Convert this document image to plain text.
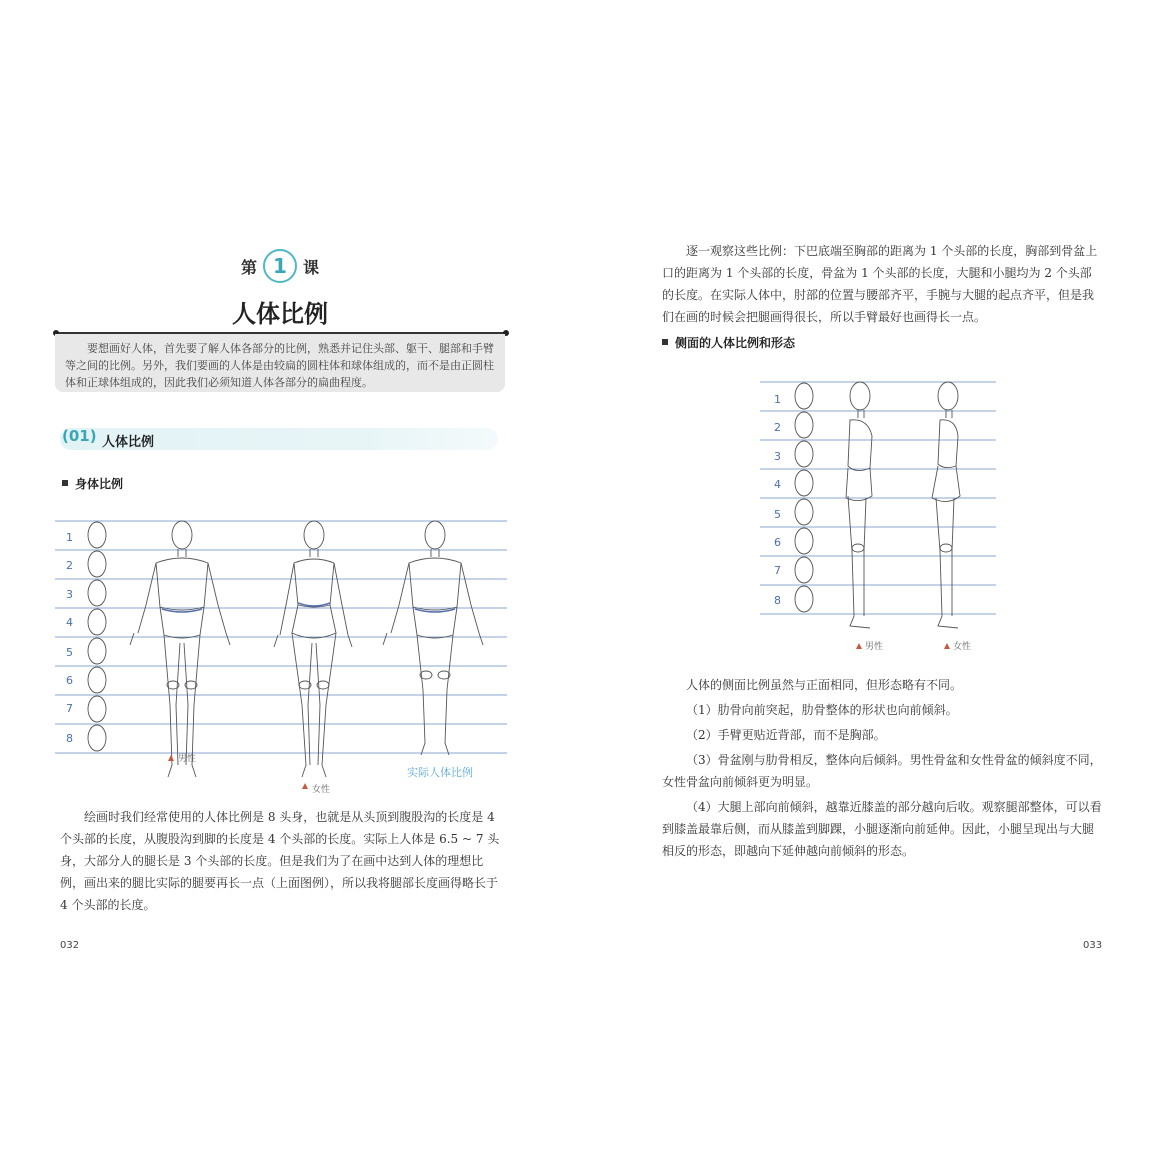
第 1 课
人体比例
要想画好人体，首先要了解人体各部分的比例，熟悉并记住头部、躯干、腿部和手臂等之间的比例。另外，我们要画的人体是由较扁的圆柱体和球体组成的，而不是由正圆柱体和正球体组成的，因此我们必须知道人体各部分的扁曲程度。
(01) 人体比例
身体比例
1
2
3
4
5
6
7
8
男性
女性
实际人体比例
绘画时我们经常使用的人体比例是 8 头身，也就是从头顶到腹股沟的长度是 4 个头部的长度，从腹股沟到脚的长度是 4 个头部的长度。实际上人体是 6.5 ~ 7 头身，大部分人的腿长是 3 个头部的长度。但是我们为了在画中达到人体的理想比例，画出来的腿比实际的腿要再长一点（上面图例），所以我将腿部长度画得略长于 4 个头部的长度。
032
逐一观察这些比例：下巴底端至胸部的距离为 1 个头部的长度，胸部到骨盆上口的距离为 1 个头部的长度，骨盆为 1 个头部的长度，大腿和小腿均为 2 个头部的长度。在实际人体中，肘部的位置与腰部齐平，手腕与大腿的起点齐平，但是我们在画的时候会把腿画得很长，所以手臂最好也画得长一点。
侧面的人体比例和形态
1
2
3
4
5
6
7
8
男性	女性
人体的侧面比例虽然与正面相同，但形态略有不同。
（1）肋骨向前突起，肋骨整体的形状也向前倾斜。
（2）手臂更贴近背部，而不是胸部。
（3）骨盆刚与肋骨相反，整体向后倾斜。男性骨盆和女性骨盆的倾斜度不同，女性骨盆向前倾斜更为明显。
（4）大腿上部向前倾斜，越靠近膝盖的部分越向后收。观察腿部整体，可以看到膝盖最靠后侧，而从膝盖到脚踝，小腿逐渐向前延伸。因此，小腿呈现出与大腿相反的形态，即越向下延伸越向前倾斜的形态。
033
